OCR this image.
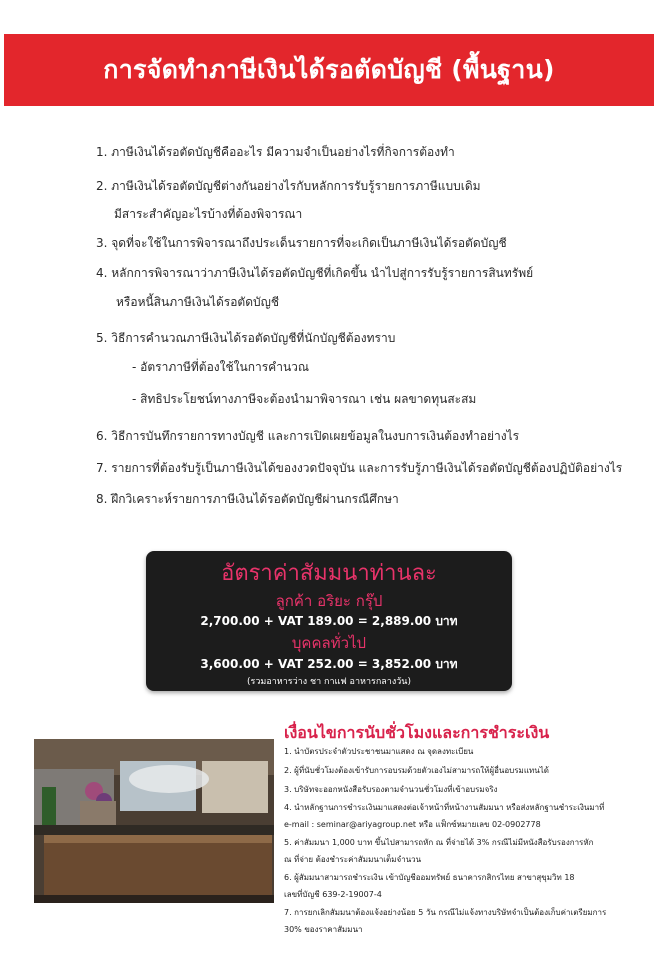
การจัดทำภาษีเงินได้รอตัดบัญชี (พื้นฐาน)
1. ภาษีเงินได้รอตัดบัญชีคืออะไร มีความจำเป็นอย่างไรที่กิจการต้องทำ
2. ภาษีเงินได้รอตัดบัญชีต่างกันอย่างไรกับหลักการรับรู้รายการภาษีแบบเดิม
มีสาระสำคัญอะไรบ้างที่ต้องพิจารณา
3. จุดที่จะใช้ในการพิจารณาถึงประเด็นรายการที่จะเกิดเป็นภาษีเงินได้รอตัดบัญชี
4. หลักการพิจารณาว่าภาษีเงินได้รอตัดบัญชีที่เกิดขึ้น นำไปสู่การรับรู้รายการสินทรัพย์
หรือหนี้สินภาษีเงินได้รอตัดบัญชี
5. วิธีการคำนวณภาษีเงินได้รอตัดบัญชีที่นักบัญชีต้องทราบ
- อัตราภาษีที่ต้องใช้ในการคำนวณ
- สิทธิประโยชน์ทางภาษีจะต้องนำมาพิจารณา เช่น ผลขาดทุนสะสม
6. วิธีการบันทึกรายการทางบัญชี และการเปิดเผยข้อมูลในงบการเงินต้องทำอย่างไร
7. รายการที่ต้องรับรู้เป็นภาษีเงินได้ของงวดปัจจุบัน และการรับรู้ภาษีเงินได้รอตัดบัญชีต้องปฏิบัติอย่างไร
8. ฝึกวิเคราะห์รายการภาษีเงินได้รอตัดบัญชีผ่านกรณีศึกษา
อัตราค่าสัมมนาท่านละ
ลูกค้า อริยะ กรุ๊ป
2,700.00 + VAT 189.00 = 2,889.00 บาท
บุคคลทั่วไป
3,600.00 + VAT 252.00 = 3,852.00 บาท
(รวมอาหารว่าง ชา กาแฟ อาหารกลางวัน)
เงื่อนไขการนับชั่วโมงและการชำระเงิน
1. นำบัตรประจำตัวประชาชนมาแสดง ณ จุดลงทะเบียน
2. ผู้ที่นับชั่วโมงต้องเข้ารับการอบรมด้วยตัวเองไม่สามารถให้ผู้อื่นอบรมแทนได้
3. บริษัทจะออกหนังสือรับรองตามจำนวนชั่วโมงที่เข้าอบรมจริง
4. นำหลักฐานการชำระเงินมาแสดงต่อเจ้าหน้าที่หน้างานสัมมนา หรือส่งหลักฐานชำระเงินมาที่
e-mail : seminar@ariyagroup.net หรือ แฟ็กซ์หมายเลข 02-0902778
5. ค่าสัมมนา 1,000 บาท ขึ้นไปสามารถหัก ณ ที่จ่ายได้ 3% กรณีไม่มีหนังสือรับรองการหัก
ณ ที่จ่าย ต้องชำระค่าสัมมนาเต็มจำนวน
6. ผู้สัมมนาสามารถชำระเงิน เข้าบัญชีออมทรัพย์ ธนาคารกสิกรไทย สาขาสุขุมวิท 18
เลขที่บัญชี 639-2-19007-4
7. การยกเลิกสัมมนาต้องแจ้งอย่างน้อย 5 วัน กรณีไม่แจ้งทางบริษัทจำเป็นต้องเก็บค่าเตรียมการ
30% ของราคาสัมมนา
